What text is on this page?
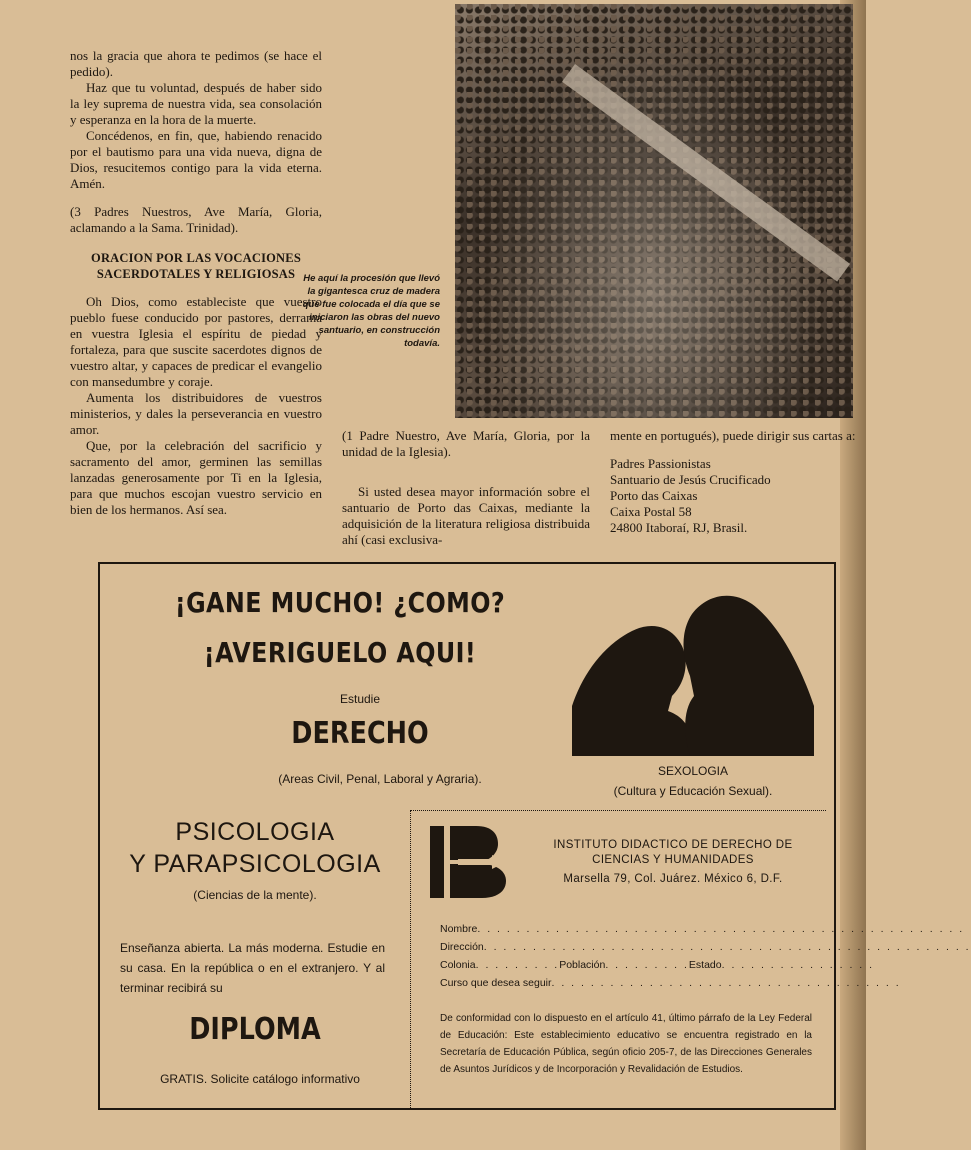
nos la gracia que ahora te pedimos (se hace el pedido).

Haz que tu voluntad, después de haber sido la ley suprema de nuestra vida, sea consolación y esperanza en la hora de la muerte.

Concédenos, en fin, que, habiendo renacido por el bautismo para una vida nueva, digna de Dios, resucitemos contigo para la vida eterna. Amén.

(3 Padres Nuestros, Ave María, Gloria, aclamando a la Sama. Trinidad).

ORACION POR LAS VOCACIONES SACERDOTALES Y RELIGIOSAS

Oh Dios, como estableciste que vuestro pueblo fuese conducido por pastores, derrama en vuestra Iglesia el espíritu de piedad y fortaleza, para que suscite sacerdotes dignos de vuestro altar, y capaces de predicar el evangelio con mansedumbre y coraje.

Aumenta los distribuidores de vuestros ministerios, y dales la perseverancia en vuestro amor.

Que, por la celebración del sacrificio y sacramento del amor, germinen las semillas lanzadas generosamente por Ti en la Iglesia, para que muchos escojan vuestro servicio en bien de los hermanos. Así sea.

He aquí la procesión que llevó la gigantesca cruz de madera que fue colocada el día que se iniciaron las obras del nuevo santuario, en construcción todavía.

(1 Padre Nuestro, Ave María, Gloria, por la unidad de la Iglesia).

Si usted desea mayor información sobre el santuario de Porto das Caixas, mediante la adquisición de la literatura religiosa distribuida ahí (casi exclusiva-

mente en portugués), puede dirigir sus cartas a:

Padres Passionistas
Santuario de Jesús Crucificado
Porto das Caixas
Caixa Postal 58
24800 Itaboraí, RJ, Brasil.
¡GANE MUCHO! ¿COMO?
¡AVERIGUELO AQUI!
Estudie
DERECHO
(Areas Civil, Penal, Laboral y Agraria).
SEXOLOGIA
(Cultura y Educación Sexual).
PSICOLOGIA
Y PARAPSICOLOGIA
(Ciencias de la mente).
Enseñanza abierta. La más moderna. Estudie en su casa. En la república o en el extranjero. Y al terminar recibirá su
DIPLOMA
GRATIS. Solicite catálogo informativo
INSTITUTO DIDACTICO DE DERECHO DE
CIENCIAS Y HUMANIDADES
Marsella 79, Col. Juárez. México 6, D.F.
Nombre . . . . . . . . . . . . . . . . . . . . . . . . . . . . . . . . . . . . . . . . . . . . . . . . . .
Dirección . . . . . . . . . . . . . . . . . . . . . . . . . . . . . . . . . . . . . . . . . . . . . . . . . .
Colonia . . . . . . . . . Población . . . . . . . . . Estado . . . . . . . . . . . . . . . .
Curso que desea seguir . . . . . . . . . . . . . . . . . . . . . . . . . . . . . . . . . . . .
De conformidad con lo dispuesto en el artículo 41, último párrafo de la Ley Federal de Educación: Este establecimiento educativo se encuentra registrado en la Secretaría de Educación Pública, según oficio 205-7, de las Direcciones Generales de Asuntos Jurídicos y de Incorporación y Revalidación de Estudios.
